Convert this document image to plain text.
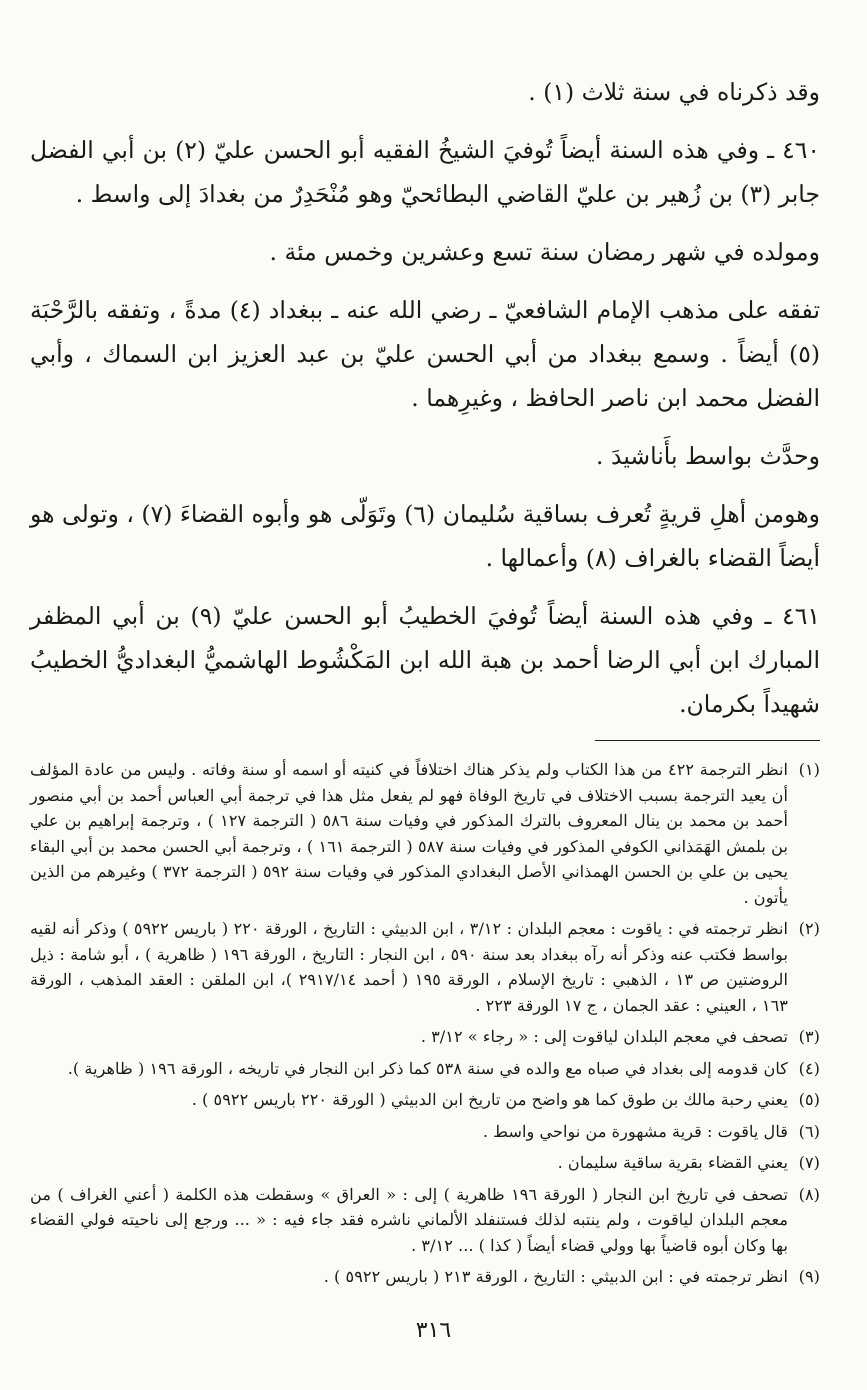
وقد ذكرناه في سنة ثلاث (١) .

٤٦٠ ـ وفي هذه السنة أيضاً تُوفيَ الشيخُ الفقيه أبو الحسن عليّ (٢) بن أبي الفضل جابر (٣) بن زُهير بن عليّ القاضي البطائحيّ وهو مُنْحَدِرٌ من بغدادَ إلى واسط .

ومولده في شهر رمضان سنة تسع وعشرين وخمس مئة .

تفقه على مذهب الإمام الشافعيّ ـ رضي الله عنه ـ ببغداد (٤) مدةً ، وتفقه بالرَّحْبَة (٥) أيضاً . وسمع ببغداد من أبي الحسن عليّ بن عبد العزيز ابن السماك ، وأبي الفضل محمد ابن ناصر الحافظ ، وغيرِهما .

وحدَّث بواسط بأَناشيدَ .

وهومن أهلِ قريةٍ تُعرف بساقية سُليمان (٦) وتَوَلّى هو وأبوه القضاءَ (٧) ، وتولى هو أيضاً القضاء بالغراف (٨) وأعمالها .

٤٦١ ـ وفي هذه السنة أيضاً تُوفيَ الخطيبُ أبو الحسن عليّ (٩) بن أبي المظفر المبارك ابن أبي الرضا أحمد بن هبة الله ابن المَكْشُوط الهاشميُّ البغداديُّ الخطيبُ شهيداً بكرمان.

(١)
انظر الترجمة ٤٢٢ من هذا الكتاب ولم يذكر هناك اختلافاً في كنيته أو اسمه أو سنة وفاته . وليس من عادة المؤلف أن يعيد الترجمة بسبب الاختلاف في تاريخ الوفاة فهو لم يفعل مثل هذا في ترجمة أبي العباس أحمد بن أبي منصور أحمد بن محمد بن ينال المعروف بالترك المذكور في وفيات سنة ٥٨٦ ( الترجمة ١٢٧ ) ، وترجمة إبراهيم بن علي بن بلمش الهَمَذاني الكوفي المذكور في وفيات سنة ٥٨٧ ( الترجمة ١٦١ ) ، وترجمة أبي الحسن محمد بن أبي البقاء يحيى بن علي بن الحسن الهمذاني الأصل البغدادي المذكور في وفيات سنة ٥٩٢ ( الترجمة ٣٧٢ ) وغيرهم من الذين يأتون .
(٢)
انظر ترجمته في : ياقوت : معجم البلدان : ٣/١٢ ، ابن الدبيثي : التاريخ ، الورقة ٢٢٠ ( باريس ٥٩٢٢ ) وذكر أنه لقيه بواسط فكتب عنه وذكر أنه رآه ببغداد بعد سنة ٥٩٠ ، ابن النجار : التاريخ ، الورقة ١٩٦ ( ظاهرية ) ، أبو شامة : ذيل الروضتين ص ١٣ ، الذهبي : تاريخ الإسلام ، الورقة ١٩٥ ( أحمد ٢٩١٧/١٤ )، ابن الملقن : العقد المذهب ، الورقة ١٦٣ ، العيني : عقد الجمان ، ج ١٧ الورقة ٢٢٣ .
(٣)
تصحف في معجم البلدان لياقوت إلى : « رجاء » ٣/١٢ .
(٤)
كان قدومه إلى بغداد في صباه مع والده في سنة ٥٣٨ كما ذكر ابن النجار في تاريخه ، الورقة ١٩٦ ( ظاهرية ).
(٥)
يعني رحبة مالك بن طوق كما هو واضح من تاريخ ابن الدبيثي ( الورقة ٢٢٠ باريس ٥٩٢٢ ) .
(٦)
قال ياقوت : قرية مشهورة من نواحي واسط .
(٧)
يعني القضاء بقرية ساقية سليمان .
(٨)
تصحف في تاريخ ابن النجار ( الورقة ١٩٦ ظاهرية ) إلى : « العراق » وسقطت هذه الكلمة ( أعني الغراف ) من معجم البلدان لياقوت ، ولم ينتبه لذلك فستنفلد الألماني ناشره فقد جاء فيه : « ... ورجع إلى ناحيته فولي القضاء بها وكان أبوه قاضياً بها وولي قضاء أيضاً ( كذا ) ... ٣/١٢ .
(٩)
انظر ترجمته في : ابن الدبيثي : التاريخ ، الورقة ٢١٣ ( باريس ٥٩٢٢ ) .
٣١٦
